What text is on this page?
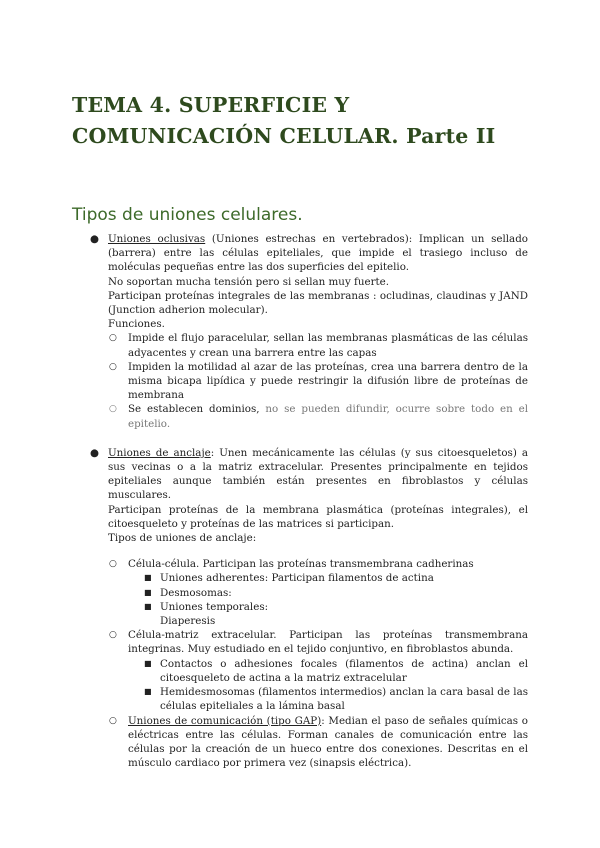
TEMA 4. SUPERFICIE Y COMUNICACIÓN CELULAR. Parte II
Tipos de uniones celulares.
● Uniones oclusivas (Uniones estrechas en vertebrados): Implican un sellado (barrera) entre las células epiteliales, que impide el trasiego incluso de moléculas pequeñas entre las dos superficies del epitelio.
No soportan mucha tensión pero si sellan muy fuerte.
Participan proteínas integrales de las membranas : ocludinas, claudinas y JAND (Junction adherion molecular).
Funciones.
○ Impide el flujo paracelular, sellan las membranas plasmáticas de las células adyacentes y crean una barrera entre las capas
○ Impiden la motilidad al azar de las proteínas, crea una barrera dentro de la misma bicapa lipídica y puede restringir la difusión libre de proteínas de membrana
○ Se establecen dominios, no se pueden difundir, ocurre sobre todo en el epitelio.
● Uniones de anclaje: Unen mecánicamente las células (y sus citoesqueletos) a sus vecinas o a la matriz extracelular. Presentes principalmente en tejidos epiteliales aunque también están presentes en fibroblastos y células musculares.
Participan proteínas de la membrana plasmática (proteínas integrales), el citoesqueleto y proteínas de las matrices si participan.
Tipos de uniones de anclaje:
○ Célula-célula. Participan las proteínas transmembrana cadherinas
■ Uniones adherentes: Participan filamentos de actina
■ Desmosomas:
■ Uniones temporales:
Diaperesis
○ Célula-matriz extracelular. Participan las proteínas transmembrana integrinas. Muy estudiado en el tejido conjuntivo, en fibroblastos abunda.
■ Contactos o adhesiones focales (filamentos de actina) anclan el citoesqueleto de actina a la matriz extracelular
■ Hemidesmosomas (filamentos intermedios) anclan la cara basal de las células epiteliales a la lámina basal
○ Uniones de comunicación (tipo GAP): Median el paso de señales químicas o eléctricas entre las células. Forman canales de comunicación entre las células por la creación de un hueco entre dos conexiones. Descritas en el músculo cardiaco por primera vez (sinapsis eléctrica).
